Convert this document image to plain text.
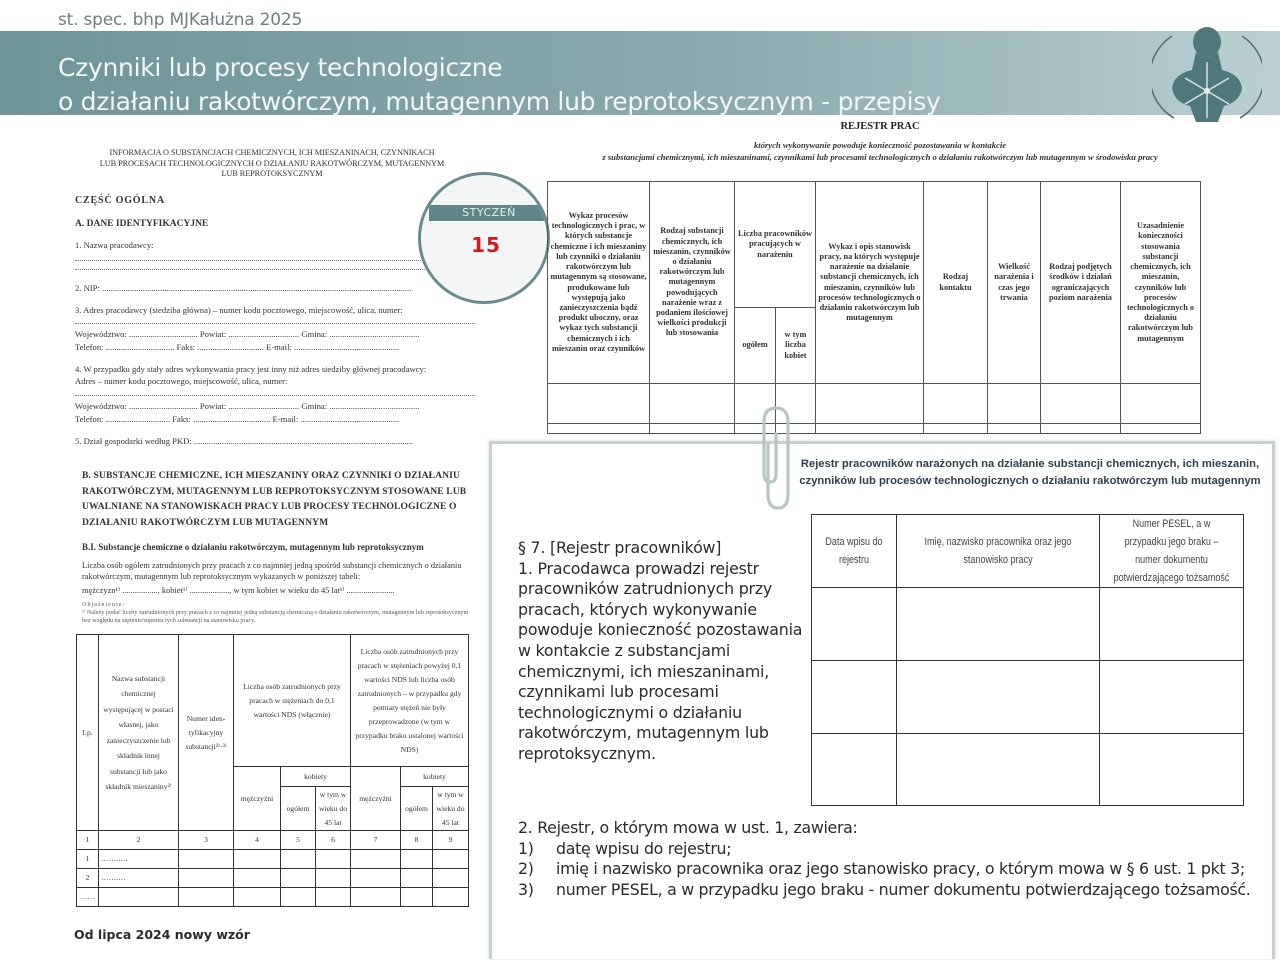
st. spec. bhp MJKałużna 2025
Czynniki lub procesy technologiczne
o działaniu rakotwórczym, mutagennym lub reprotoksycznym - przepisy
INFORMACJA O SUBSTANCJACH CHEMICZNYCH, ICH MIESZANINACH, CZYNNIKACH
LUB PROCESACH TECHNOLOGICZNYCH O DZIAŁANIU RAKOTWÓRCZYM, MUTAGENNYM
LUB REPROTOKSYCZNYM
CZĘŚĆ OGÓLNA
A. DANE IDENTYFIKACYJNE
1. Nazwa pracodawcy:
2. NIP: ................................................................................................................................................
3. Adres pracodawcy (siedziba główna) – numer kodu pocztowego, miejscowość, ulica, numer:
Województwo: ................................ Powiat: ................................. Gmina: ..........................................
Telefon: ................................ Faks: ............................... E-mail: .................................................
4. W przypadku gdy stały adres wykonywania pracy jest inny niż adres siedziby głównej pracodawcy:
Adres – numer kodu pocztowego, miejscowość, ulica, numer:
Województwo: ................................ Powiat: ................................. Gmina: ..........................................
Telefon: .............................. Faks: .................................... E-mail: ..............................................
5. Dział gospodarki według PKD: ......................................................................................................
B. SUBSTANCJE CHEMICZNE, ICH MIESZANINY ORAZ CZYNNIKI O DZIAŁANIU RAKOTWÓRCZYM, MUTAGENNYM LUB REPROTOKSYCZNYM STOSOWANE LUB UWALNIANE NA STANOWISKACH PRACY LUB PROCESY TECHNOLOGICZNE O DZIAŁANIU RAKOTWÓRCZYM LUB MUTAGENNYM
B.I. Substancje chemiczne o działaniu rakotwórczym, mutagennym lub reprotoksycznym
Liczba osób ogółem zatrudnionych przy pracach z co najmniej jedną spośród substancji chemicznych o działaniu rakotwórczym, mutagennym lub reprotoksycznym wykazanych w poniższej tabeli:
mężczyzn¹⁾ ................., kobiet¹⁾ ..................., w tym kobiet w wieku do 45 lat¹⁾ .......................
Objaśnienie:
¹⁾ Należy podać liczby zatrudnionych przy pracach z co najmniej jedną substancją chemiczną o działaniu rakotwórczym, mutagennym lub reprotoksycznym bez względu na stężenie/stężenia tych substancji na stanowisku pracy.
Lp.	Nazwa substancji chemicznej występującej w postaci własnej, jako zanieczyszczenie lub składnik innej substancji lub jako składnik mieszaniny²⁾	Numer iden-tyfikacyjny substancji²⁾·³⁾	Liczba osób zatrudnionych przy pracach w stężeniach do 0,1 wartości NDS (włącznie)			Liczba osób zatrudnionych przy pracach w stężeniach powyżej 0,1 wartości NDS lub liczba osób zatrudnionych – w przypadku gdy pomiary stężeń nie były przeprowadzone (w tym w przypadku braku ustalonej wartości NDS)		
			mężczyźni	kobiety		mężczyźni	kobiety	
				ogółem	w tym w wieku do 45 lat		ogółem	w tym w wieku do 45 lat
1	2	3	4	5	6	7	8	9
1	…….….							
2	…….…							
……								
Od lipca 2024 nowy wzór
STYCZEŃ
15
REJESTR PRAC
których wykonywanie powoduje konieczność pozostawania w kontakcie
z substancjami chemicznymi, ich mieszaninami, czynnikami lub procesami technologicznych o działaniu rakotwórczym lub mutagennym w środowisku pracy
Wykaz procesów technologicznych i prac, w których substancje chemiczne i ich mieszaniny lub czynniki o działaniu rakotwórczym lub mutagennym są stosowane, produkowane lub występują jako zanieczyszczenia bądź produkt uboczny, oraz wykaz tych substancji chemicznych i ich mieszanin oraz czynników	Rodzaj substancji chemicznych, ich mieszanin, czynników o działaniu rakotwórczym lub mutagennym powodujących narażenie wraz z podaniem ilościowej wielkości produkcji lub stosowania	Liczba pracowników pracujących w narażeniu		Wykaz i opis stanowisk pracy, na których występuje narażenie na działanie substancji chemicznych, ich mieszanin, czynników lub procesów technologicznych o działaniu rakotwórczym lub mutagennym	Rodzaj kontaktu	Wielkość narażenia i czas jego trwania	Rodzaj podjętych środków i działań ograniczających poziom narażenia	Uzasadnienie konieczności stosowania substancji chemicznych, ich mieszanin, czynników lub procesów technologicznych o działaniu rakotwórczym lub mutagennym
		ogółem	w tym liczba kobiet					

Rejestr pracowników narażonych na działanie substancji chemicznych, ich mieszanin, czynników lub procesów technologicznych o działaniu rakotwórczym lub mutagennym
Data wpisu do rejestru	Imię, nazwisko pracownika oraz jego stanowisko pracy	Numer PESEL, a w przypadku jego braku – numer dokumentu potwierdzającego tożsamość

§ 7. [Rejestr pracowników]
1. Pracodawca prowadzi rejestr pracowników zatrudnionych przy pracach, których wykonywanie powoduje konieczność pozostawania w kontakcie z substancjami chemicznymi, ich mieszaninami, czynnikami lub procesami technologicznymi o działaniu rakotwórczym, mutagennym lub reprotoksycznym.
2. Rejestr, o którym mowa w ust. 1, zawiera:
1)	datę wpisu do rejestru;
2)	imię i nazwisko pracownika oraz jego stanowisko pracy, o którym mowa w § 6 ust. 1 pkt 3;
3)	numer PESEL, a w przypadku jego braku - numer dokumentu potwierdzającego tożsamość.
